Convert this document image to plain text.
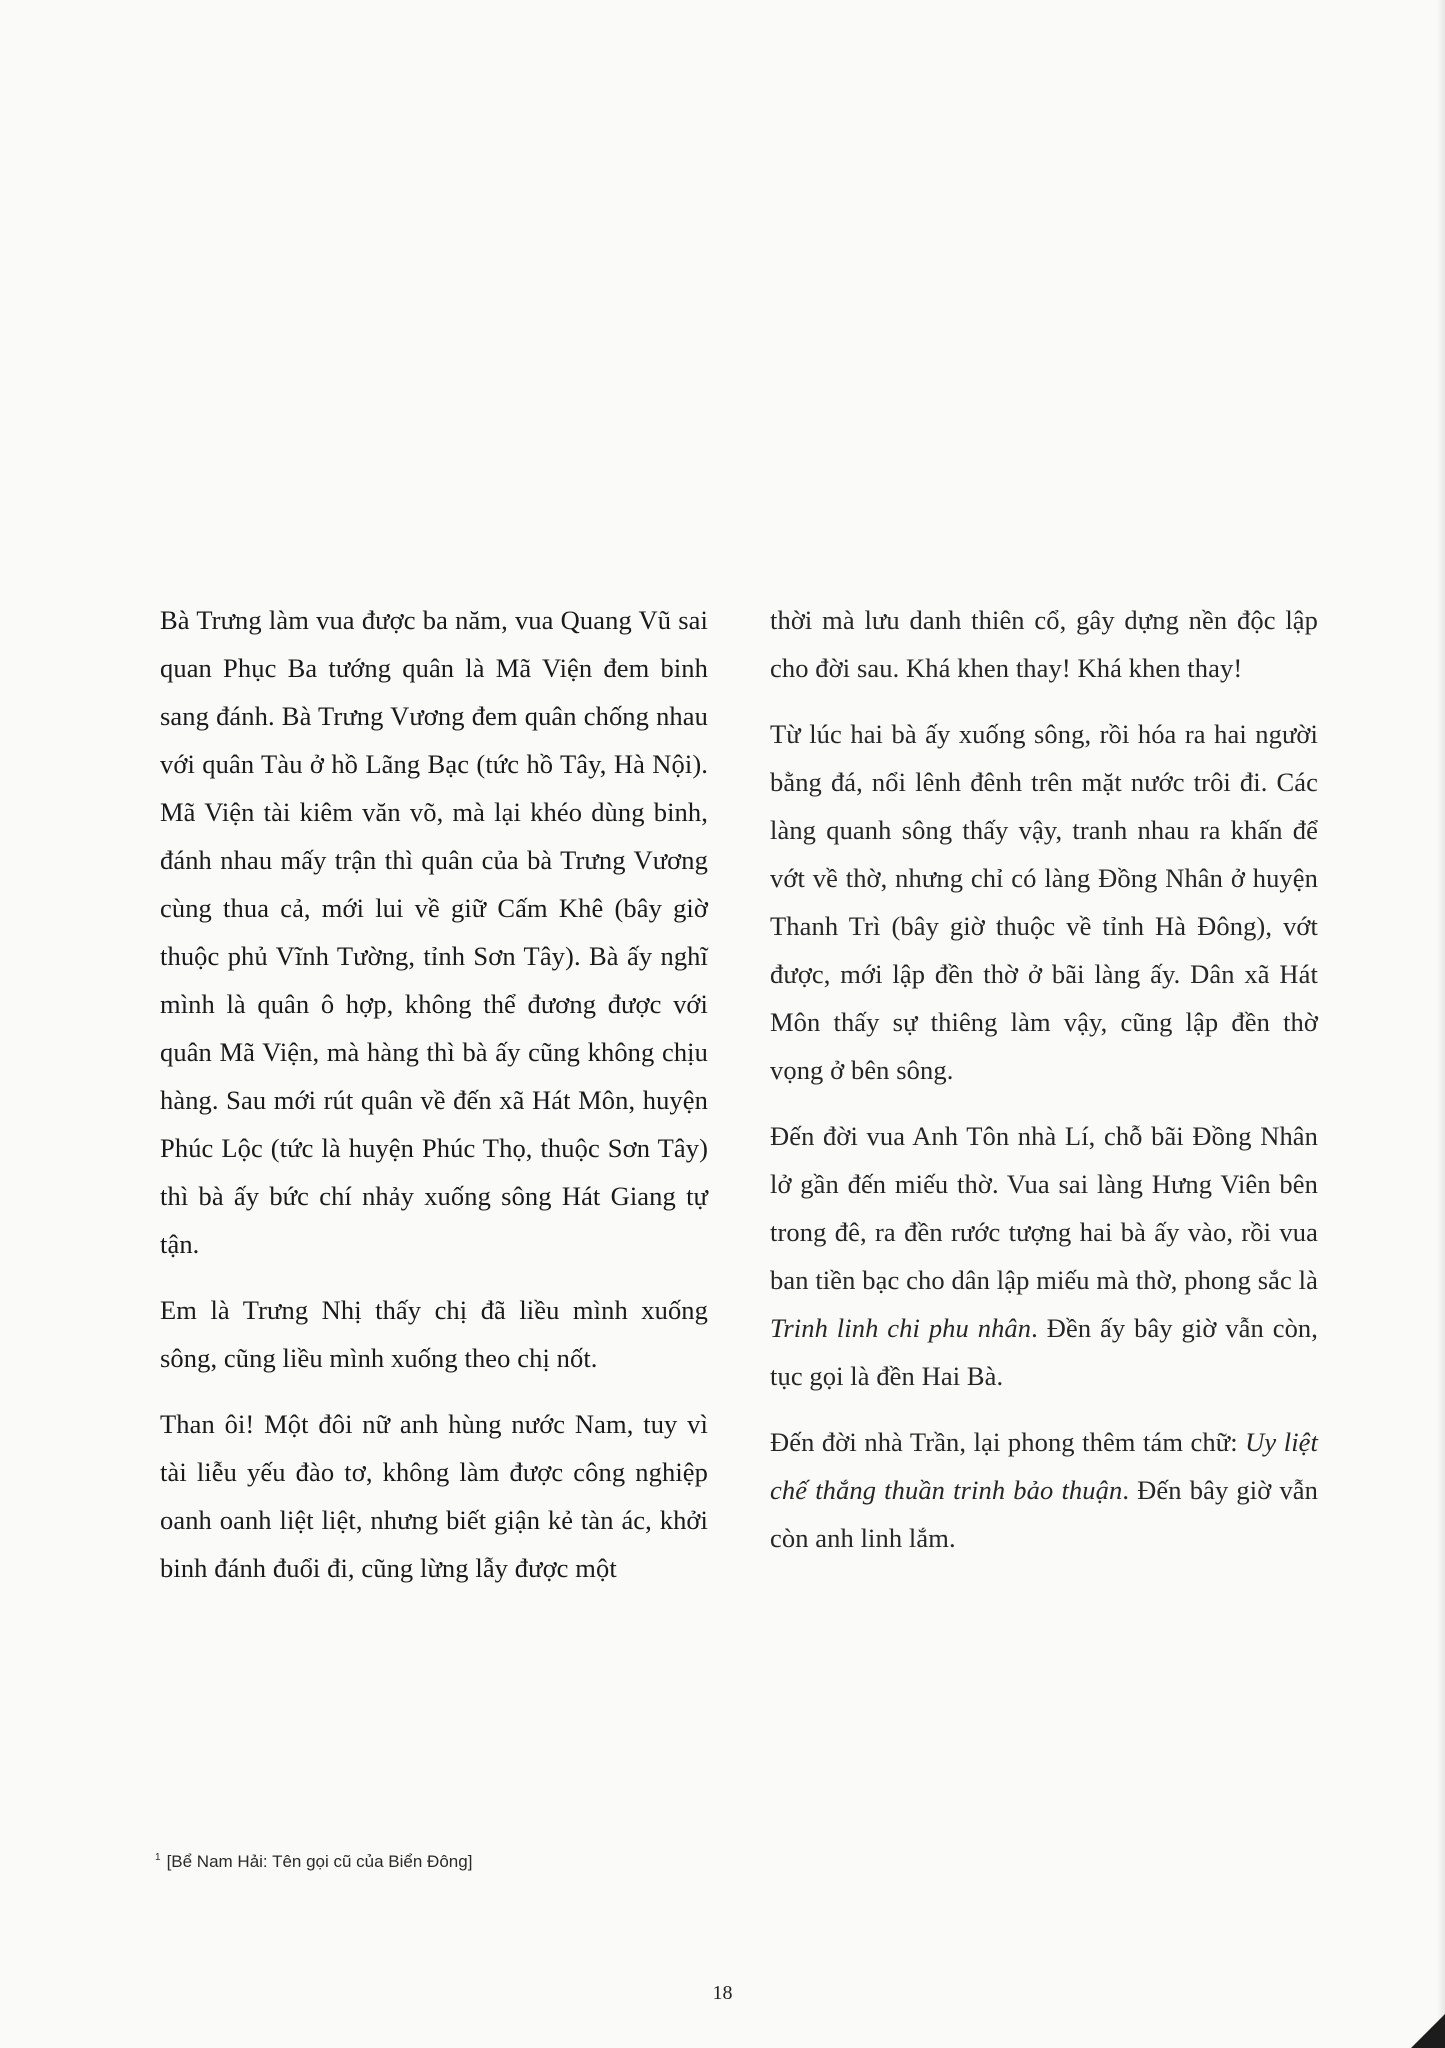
Bà Trưng làm vua được ba năm, vua Quang Vũ sai quan Phục Ba tướng quân là Mã Viện đem binh sang đánh. Bà Trưng Vương đem quân chống nhau với quân Tàu ở hồ Lãng Bạc (tức hồ Tây, Hà Nội). Mã Viện tài kiêm văn võ, mà lại khéo dùng binh, đánh nhau mấy trận thì quân của bà Trưng Vương cùng thua cả, mới lui về giữ Cấm Khê (bây giờ thuộc phủ Vĩnh Tường, tỉnh Sơn Tây). Bà ấy nghĩ mình là quân ô hợp, không thể đương được với quân Mã Viện, mà hàng thì bà ấy cũng không chịu hàng. Sau mới rút quân về đến xã Hát Môn, huyện Phúc Lộc (tức là huyện Phúc Thọ, thuộc Sơn Tây) thì bà ấy bức chí nhảy xuống sông Hát Giang tự tận.

Em là Trưng Nhị thấy chị đã liều mình xuống sông, cũng liều mình xuống theo chị nốt.

Than ôi! Một đôi nữ anh hùng nước Nam, tuy vì tài liễu yếu đào tơ, không làm được công nghiệp oanh oanh liệt liệt, nhưng biết giận kẻ tàn ác, khởi binh đánh đuổi đi, cũng lừng lẫy được một

thời mà lưu danh thiên cổ, gây dựng nền độc lập cho đời sau. Khá khen thay! Khá khen thay!

Từ lúc hai bà ấy xuống sông, rồi hóa ra hai người bằng đá, nổi lênh đênh trên mặt nước trôi đi. Các làng quanh sông thấy vậy, tranh nhau ra khấn để vớt về thờ, nhưng chỉ có làng Đồng Nhân ở huyện Thanh Trì (bây giờ thuộc về tỉnh Hà Đông), vớt được, mới lập đền thờ ở bãi làng ấy. Dân xã Hát Môn thấy sự thiêng làm vậy, cũng lập đền thờ vọng ở bên sông.

Đến đời vua Anh Tôn nhà Lí, chỗ bãi Đồng Nhân lở gần đến miếu thờ. Vua sai làng Hưng Viên bên trong đê, ra đền rước tượng hai bà ấy vào, rồi vua ban tiền bạc cho dân lập miếu mà thờ, phong sắc là Trinh linh chi phu nhân. Đền ấy bây giờ vẫn còn, tục gọi là đền Hai Bà.

Đến đời nhà Trần, lại phong thêm tám chữ: Uy liệt chế thắng thuần trinh bảo thuận. Đến bây giờ vẫn còn anh linh lắm.

$^1$ [Bể Nam Hải: Tên gọi cũ của Biển Đông]
18
